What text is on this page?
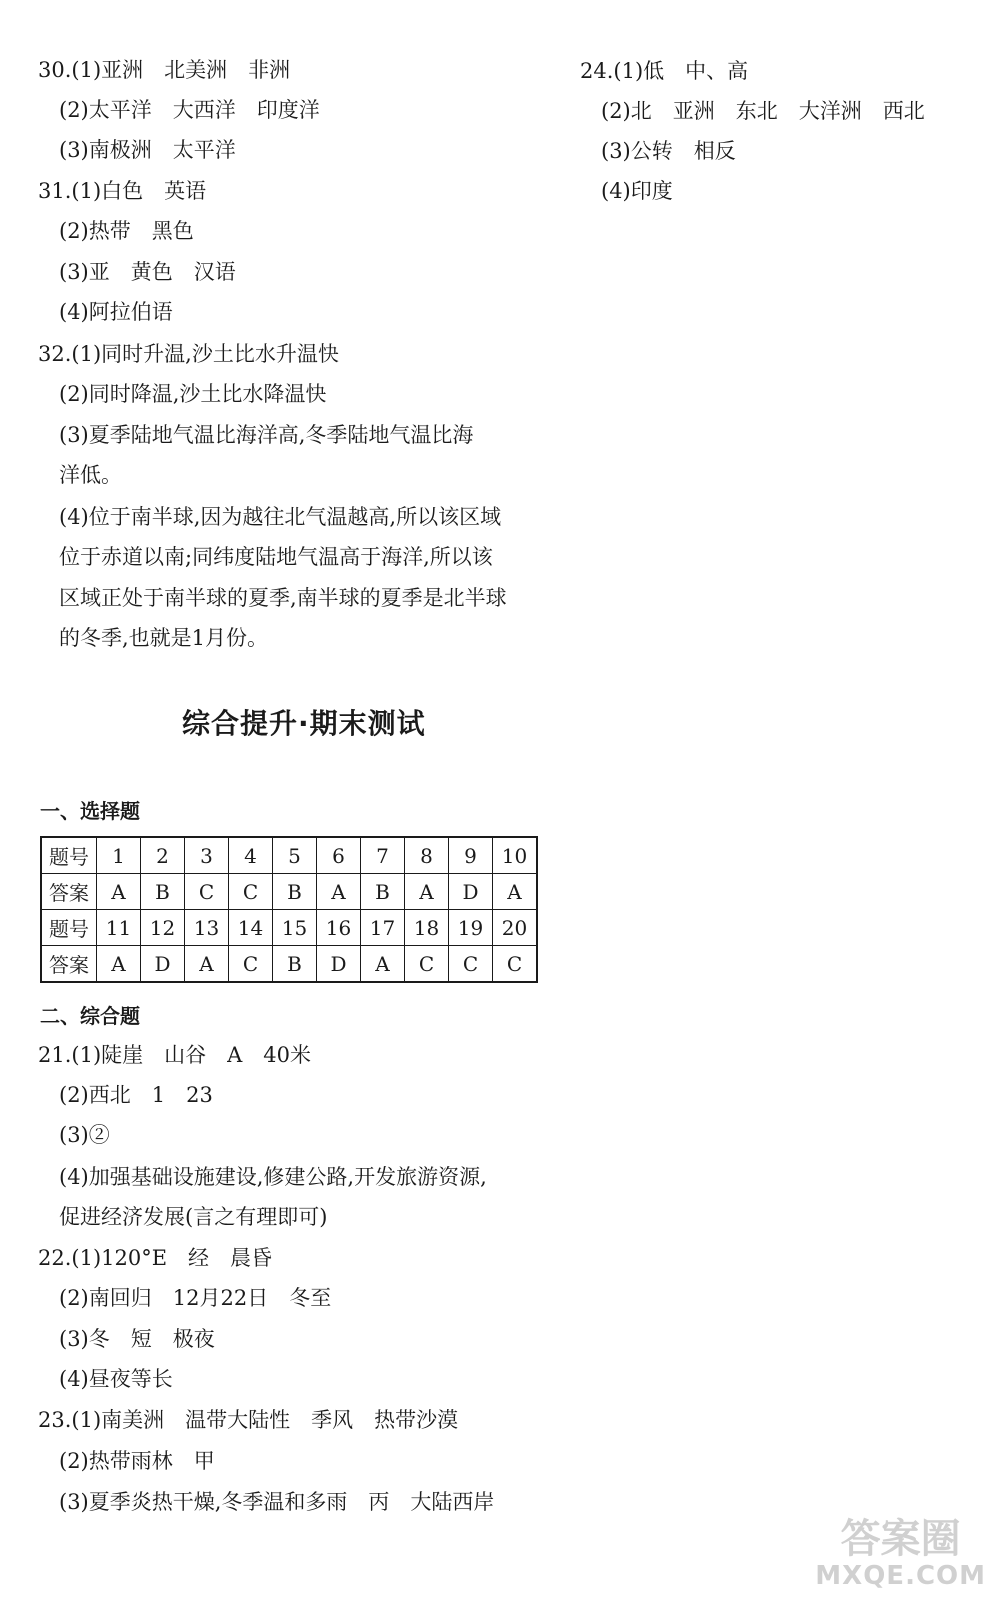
30.(1)亚洲　北美洲　非洲
　(2)太平洋　大西洋　印度洋
　(3)南极洲　太平洋
31.(1)白色　英语
　(2)热带　黑色
　(3)亚　黄色　汉语
　(4)阿拉伯语
32.(1)同时升温,沙土比水升温快
　(2)同时降温,沙土比水降温快
　(3)夏季陆地气温比海洋高,冬季陆地气温比海
　洋低。
　(4)位于南半球,因为越往北气温越高,所以该区域
　位于赤道以南;同纬度陆地气温高于海洋,所以该
　区域正处于南半球的夏季,南半球的夏季是北半球
　的冬季,也就是1月份。
24.(1)低　中、高
　(2)北　亚洲　东北　大洋洲　西北
　(3)公转　相反
　(4)印度
综合提升·期末测试
一、选择题
题号	1	2	3	4	5	6	7	8	9	10
答案	A	B	C	C	B	A	B	A	D	A
题号	11	12	13	14	15	16	17	18	19	20
答案	A	D	A	C	B	D	A	C	C	C
二、综合题
21.(1)陡崖　山谷　A　40米
　(2)西北　1　23
　(3)②
　(4)加强基础设施建设,修建公路,开发旅游资源,
　促进经济发展(言之有理即可)
22.(1)120°E　经　晨昏
　(2)南回归　12月22日　冬至
　(3)冬　短　极夜
　(4)昼夜等长
23.(1)南美洲　温带大陆性　季风　热带沙漠
　(2)热带雨林　甲
　(3)夏季炎热干燥,冬季温和多雨　丙　大陆西岸
答案圈
MXQE.COM
